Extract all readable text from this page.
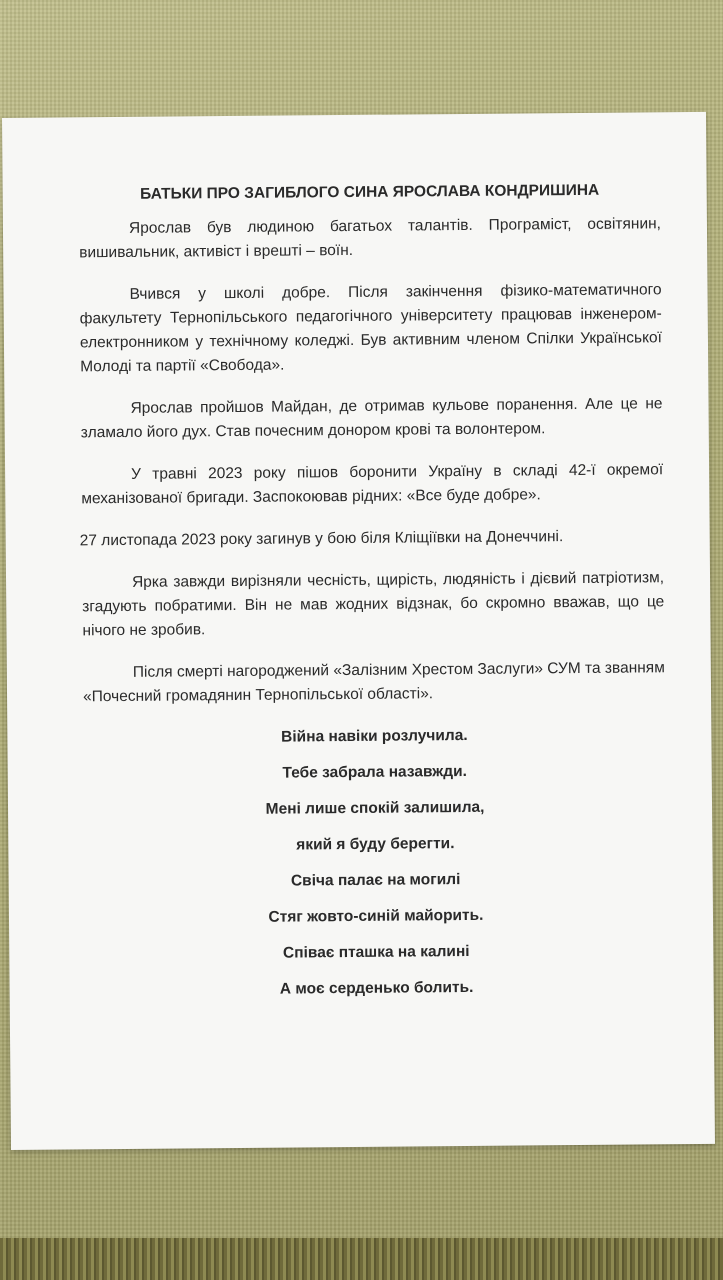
БАТЬКИ ПРО ЗАГИБЛОГО СИНА ЯРОСЛАВА КОНДРИШИНА
Ярослав був людиною багатьох талантів. Програміст, освітянин, вишивальник, активіст і врешті – воїн.
Вчився у школі добре. Після закінчення фізико-математичного факультету Тернопільського педагогічного університету працював інженером-електронником у технічному коледжі. Був активним членом Спілки Української Молоді та партії «Свобода».
Ярослав пройшов Майдан, де отримав кульове поранення. Але це не зламало його дух. Став почесним донором крові та волонтером.
У травні 2023 року пішов боронити Україну в складі 42-ї окремої механізованої бригади. Заспокоював рідних: «Все буде добре».
27 листопада 2023 року загинув у бою біля Кліщіївки на Донеччині.
Ярка завжди вирізняли чесність, щирість, людяність і дієвий патріотизм, згадують побратими. Він не мав жодних відзнак, бо скромно вважав, що це нічого не зробив.
Після смерті нагороджений «Залізним Хрестом Заслуги» СУМ та званням «Почесний громадянин Тернопільської області».
Війна навіки розлучила.
Тебе забрала назавжди.
Мені лише спокій залишила,
який я буду берегти.
Свіча палає на могилі
Стяг жовто-синій майорить.
Співає пташка на калині
А моє серденько болить.
